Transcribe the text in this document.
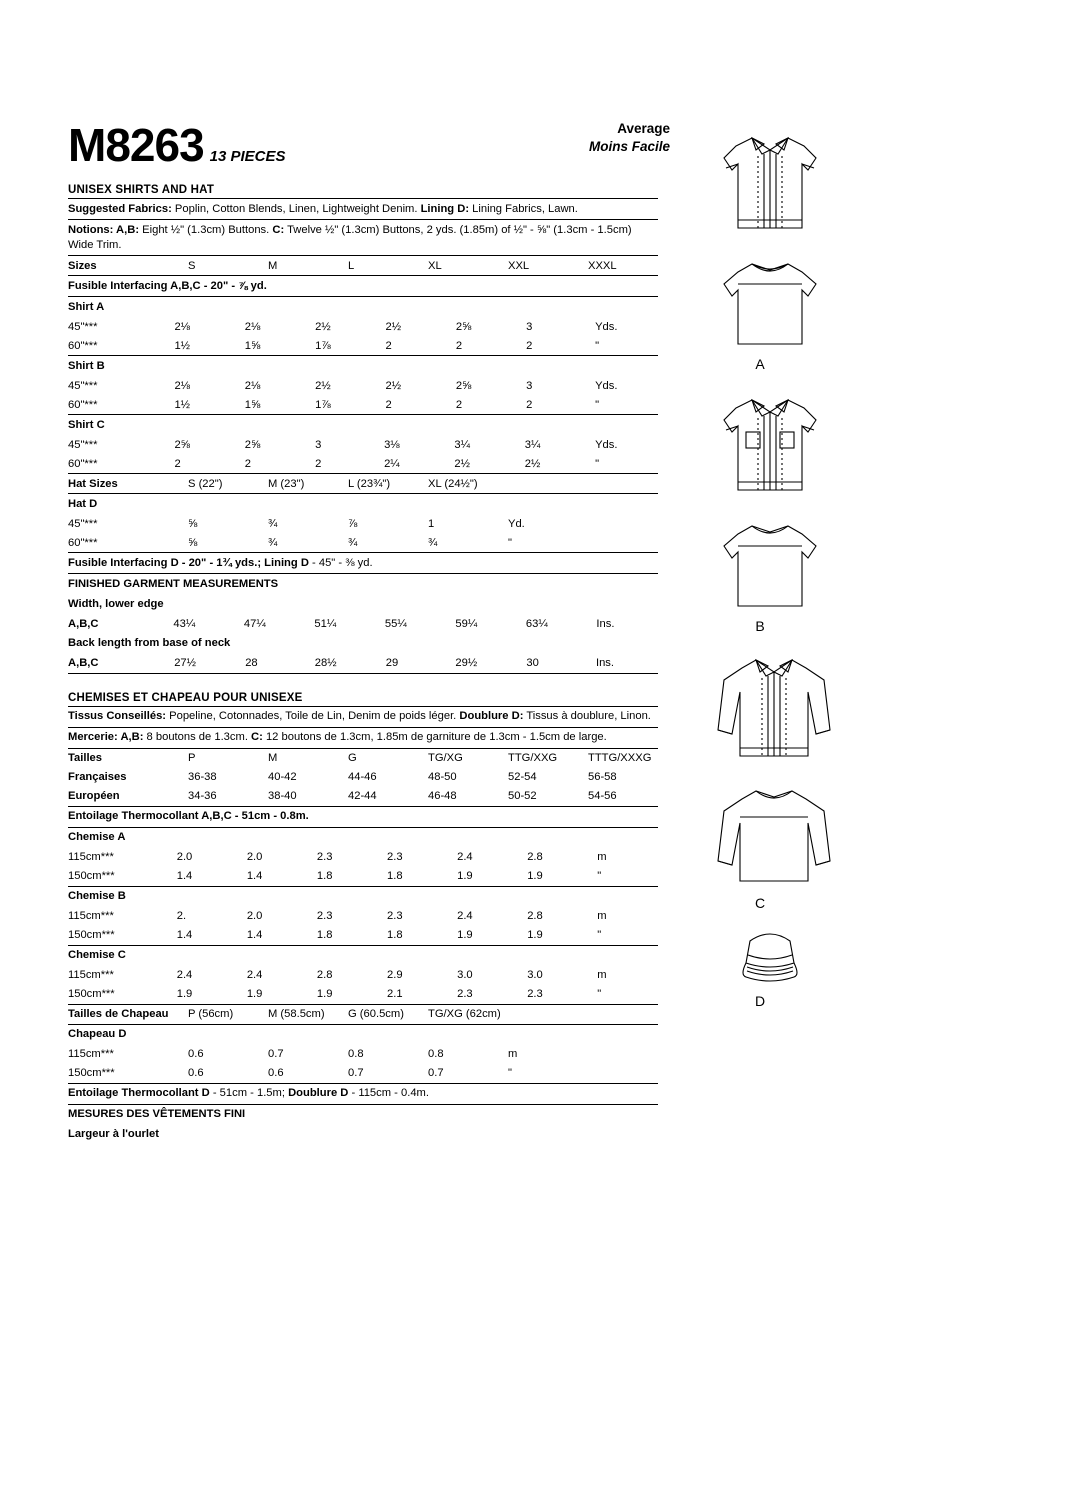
M8263 13 PIECES
Average
Moins Facile
UNISEX SHIRTS AND HAT
Suggested Fabrics: Poplin, Cotton Blends, Linen, Lightweight Denim. Lining D: Lining Fabrics, Lawn.
Notions: A,B: Eight ½" (1.3cm) Buttons. C: Twelve ½" (1.3cm) Buttons, 2 yds. (1.85m) of ½" - ⅝" (1.3cm - 1.5cm) Wide Trim.
Sizes	S	M	L	XL	XXL	XXXL
Fusible Interfacing A,B,C - 20" - ⅞ yd.
Shirt A
45"***	2⅛	2⅛	2½	2½	2⅝	3	Yds.
60"***	1½	1⅝	1⅞	2	2	2	"
Shirt B
45"***	2⅛	2⅛	2½	2½	2⅝	3	Yds.
60"***	1½	1⅝	1⅞	2	2	2	"
Shirt C
45"***	2⅝	2⅝	3	3⅛	3¼	3¼	Yds.
60"***	2	2	2	2¼	2½	2½	"
Hat Sizes	S (22")	M (23")	L (23¾")	XL (24½")		
Hat D
45"***	⅝	¾	⅞	1	Yd.	
60"***	⅝	¾	¾	¾	"	
Fusible Interfacing D - 20" - 1¾ yds.; Lining D - 45" - ⅜ yd.
FINISHED GARMENT MEASUREMENTS
Width, lower edge
A,B,C	43¼	47¼	51¼	55¼	59¼	63¼	Ins.
Back length from base of neck
A,B,C	27½	28	28½	29	29½	30	Ins.
CHEMISES ET CHAPEAU POUR UNISEXE
Tissus Conseillés: Popeline, Cotonnades, Toile de Lin, Denim de poids léger. Doublure D: Tissus à doublure, Linon.
Mercerie: A,B: 8 boutons de 1.3cm. C: 12 boutons de 1.3cm, 1.85m de garniture de 1.3cm - 1.5cm de large.
Tailles	P	M	G	TG/XG	TTG/XXG	TTTG/XXXG
Françaises	36-38	40-42	44-46	48-50	52-54	56-58
Européen	34-36	38-40	42-44	46-48	50-52	54-56
Entoilage Thermocollant A,B,C - 51cm - 0.8m.
Chemise A
115cm***	2.0	2.0	2.3	2.3	2.4	2.8	m
150cm***	1.4	1.4	1.8	1.8	1.9	1.9	"
Chemise B
115cm***	2.	2.0	2.3	2.3	2.4	2.8	m
150cm***	1.4	1.4	1.8	1.8	1.9	1.9	"
Chemise C
115cm***	2.4	2.4	2.8	2.9	3.0	3.0	m
150cm***	1.9	1.9	1.9	2.1	2.3	2.3	"
Tailles de Chapeau	P (56cm)	M (58.5cm)	G (60.5cm)	TG/XG (62cm)		
Chapeau D
115cm***	0.6	0.7	0.8	0.8	m	
150cm***	0.6	0.6	0.7	0.7	"	
Entoilage Thermocollant D - 51cm - 1.5m; Doublure D - 115cm - 0.4m.
MESURES DES VÊTEMENTS FINI
Largeur à l'ourlet
A
B
C
D
